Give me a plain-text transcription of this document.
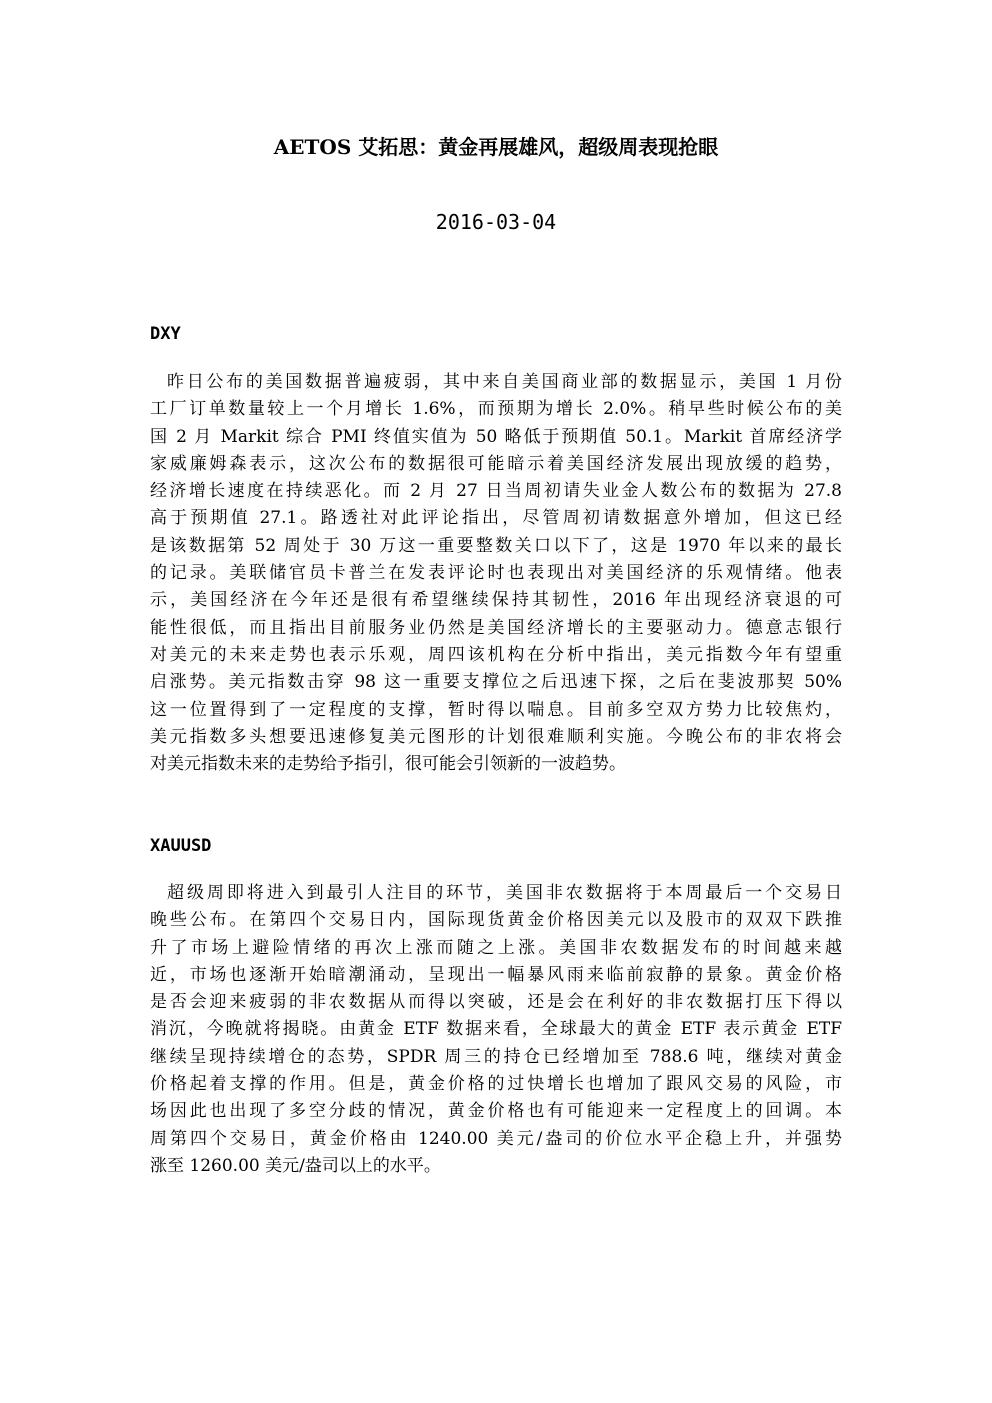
AETOS 艾拓思：黄金再展雄风，超级周表现抢眼
2016-03-04
DXY
昨日公布的美国数据普遍疲弱，其中来自美国商业部的数据显示，美国 1 月份
工厂订单数量较上一个月增长 1.6%，而预期为增长 2.0%。稍早些时候公布的美
国 2 月 Markit 综合 PMI 终值实值为 50 略低于预期值 50.1。Markit 首席经济学
家威廉姆森表示，这次公布的数据很可能暗示着美国经济发展出现放缓的趋势，
经济增长速度在持续恶化。而 2 月 27 日当周初请失业金人数公布的数据为 27.8
高于预期值 27.1。路透社对此评论指出，尽管周初请数据意外增加，但这已经
是该数据第 52 周处于 30 万这一重要整数关口以下了，这是 1970 年以来的最长
的记录。美联储官员卡普兰在发表评论时也表现出对美国经济的乐观情绪。他表
示，美国经济在今年还是很有希望继续保持其韧性，2016 年出现经济衰退的可
能性很低，而且指出目前服务业仍然是美国经济增长的主要驱动力。德意志银行
对美元的未来走势也表示乐观，周四该机构在分析中指出，美元指数今年有望重
启涨势。美元指数击穿 98 这一重要支撑位之后迅速下探，之后在斐波那契 50%
这一位置得到了一定程度的支撑，暂时得以喘息。目前多空双方势力比较焦灼，
美元指数多头想要迅速修复美元图形的计划很难顺利实施。今晚公布的非农将会
对美元指数未来的走势给予指引，很可能会引领新的一波趋势。
XAUUSD
超级周即将进入到最引人注目的环节，美国非农数据将于本周最后一个交易日
晚些公布。在第四个交易日内，国际现货黄金价格因美元以及股市的双双下跌推
升了市场上避险情绪的再次上涨而随之上涨。美国非农数据发布的时间越来越
近，市场也逐渐开始暗潮涌动，呈现出一幅暴风雨来临前寂静的景象。黄金价格
是否会迎来疲弱的非农数据从而得以突破，还是会在利好的非农数据打压下得以
消沉，今晚就将揭晓。由黄金 ETF 数据来看，全球最大的黄金 ETF 表示黄金 ETF
继续呈现持续增仓的态势，SPDR 周三的持仓已经增加至 788.6 吨，继续对黄金
价格起着支撑的作用。但是，黄金价格的过快增长也增加了跟风交易的风险，市
场因此也出现了多空分歧的情况，黄金价格也有可能迎来一定程度上的回调。本
周第四个交易日，黄金价格由 1240.00 美元/盎司的价位水平企稳上升，并强势
涨至 1260.00 美元/盎司以上的水平。
